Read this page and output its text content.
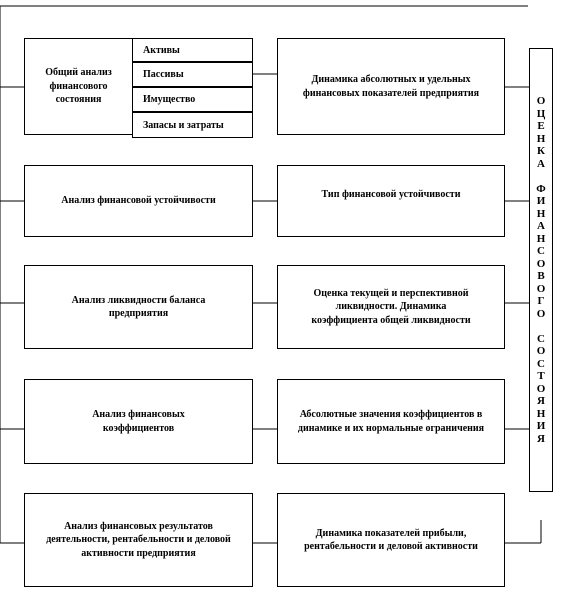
Общий анализ финансового состояния
Активы
Пассивы
Имущество
Запасы и затраты
Анализ финансовой устойчивости
Анализ ликвидности баланса предприятия
Анализ финансовых коэффициентов
Анализ финансовых результатов деятельности, рентабельности и деловой активности предприятия
Динамика абсолютных и удельных финансовых показателей предприятия
Тип финансовой устойчивости
Оценка текущей и перспективной ликвидности. Динамика коэффициента общей ликвидности
Абсолютные значения коэффициентов в динамике и их нормальные ограничения
Динамика показателей прибыли, рентабельности и деловой активности
О
Ц
Е
Н
К
А

Ф
И
Н
А
Н
С
О
В
О
Г
О

С
О
С
Т
О
Я
Н
И
Я
